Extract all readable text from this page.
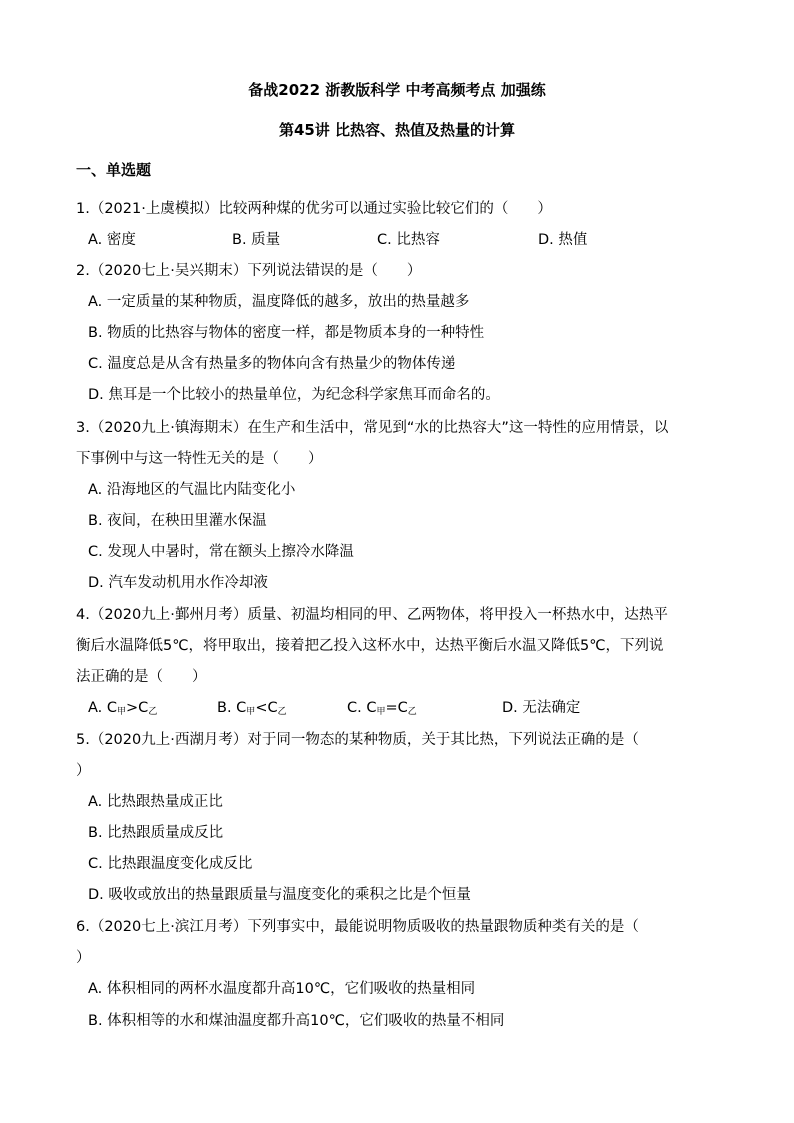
备战2022 浙教版科学 中考高频考点 加强练
第45讲 比热容、热值及热量的计算
一、单选题
1.（2021·上虞模拟）比较两种煤的优劣可以通过实验比较它们的（　　）
A. 密度	B. 质量	C. 比热容	D. 热值
2.（2020七上·吴兴期末）下列说法错误的是（　　）
A. 一定质量的某种物质，温度降低的越多，放出的热量越多
B. 物质的比热容与物体的密度一样，都是物质本身的一种特性
C. 温度总是从含有热量多的物体向含有热量少的物体传递
D. 焦耳是一个比较小的热量单位，为纪念科学家焦耳而命名的。
3.（2020九上·镇海期末）在生产和生活中，常见到“水的比热容大”这一特性的应用情景，以
下事例中与这一特性无关的是（　　）
A. 沿海地区的气温比内陆变化小
B. 夜间，在秧田里灌水保温
C. 发现人中暑时，常在额头上擦冷水降温
D. 汽车发动机用水作冷却液
4.（2020九上·鄞州月考）质量、初温均相同的甲、乙两物体，将甲投入一杯热水中，达热平
衡后水温降低5℃，将甲取出，接着把乙投入这杯水中，达热平衡后水温又降低5℃，下列说
法正确的是（　　）
A. $C_甲>C_乙$	B. $C_甲<C_乙$	C. $C_甲=C_乙$	D. 无法确定
5.（2020九上·西湖月考）对于同一物态的某种物质，关于其比热，下列说法正确的是（
）
A. 比热跟热量成正比
B. 比热跟质量成反比
C. 比热跟温度变化成反比
D. 吸收或放出的热量跟质量与温度变化的乘积之比是个恒量
6.（2020七上·滨江月考）下列事实中，最能说明物质吸收的热量跟物质种类有关的是（
）
A. 体积相同的两杯水温度都升高10℃，它们吸收的热量相同
B. 体积相等的水和煤油温度都升高10℃，它们吸收的热量不相同
